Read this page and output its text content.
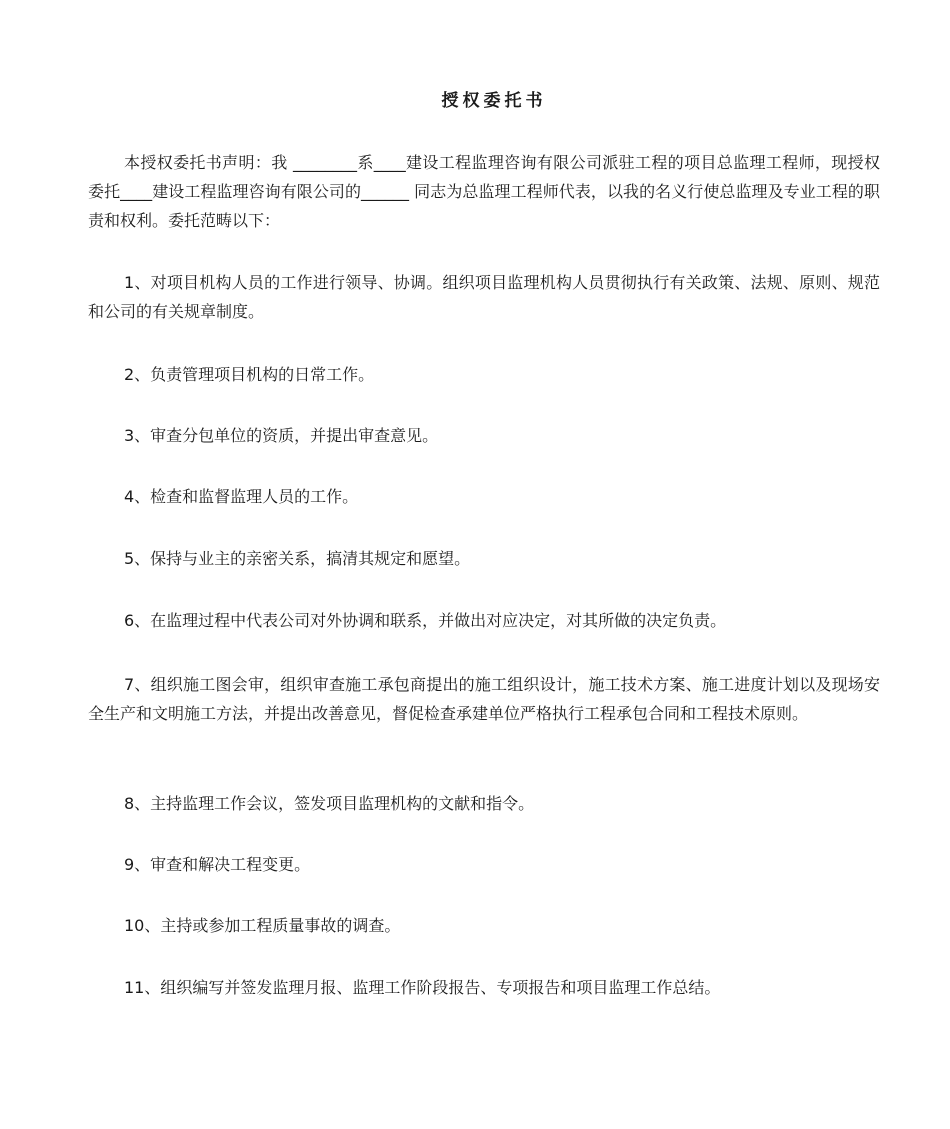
授权委托书
本授权委托书声明：我 ________系____建设工程监理咨询有限公司派驻工程的项目总监理工程师，现授权委托____建设工程监理咨询有限公司的______ 同志为总监理工程师代表，以我的名义行使总监理及专业工程的职责和权利。委托范畴以下：
1、对项目机构人员的工作进行领导、协调。组织项目监理机构人员贯彻执行有关政策、法规、原则、规范和公司的有关规章制度。
2、负责管理项目机构的日常工作。
3、审查分包单位的资质，并提出审查意见。
4、检查和监督监理人员的工作。
5、保持与业主的亲密关系，搞清其规定和愿望。
6、在监理过程中代表公司对外协调和联系，并做出对应决定，对其所做的决定负责。
7、组织施工图会审，组织审查施工承包商提出的施工组织设计，施工技术方案、施工进度计划以及现场安全生产和文明施工方法，并提出改善意见，督促检查承建单位严格执行工程承包合同和工程技术原则。
8、主持监理工作会议，签发项目监理机构的文献和指令。
9、审查和解决工程变更。
10、主持或参加工程质量事故的调查。
11、组织编写并签发监理月报、监理工作阶段报告、专项报告和项目监理工作总结。
